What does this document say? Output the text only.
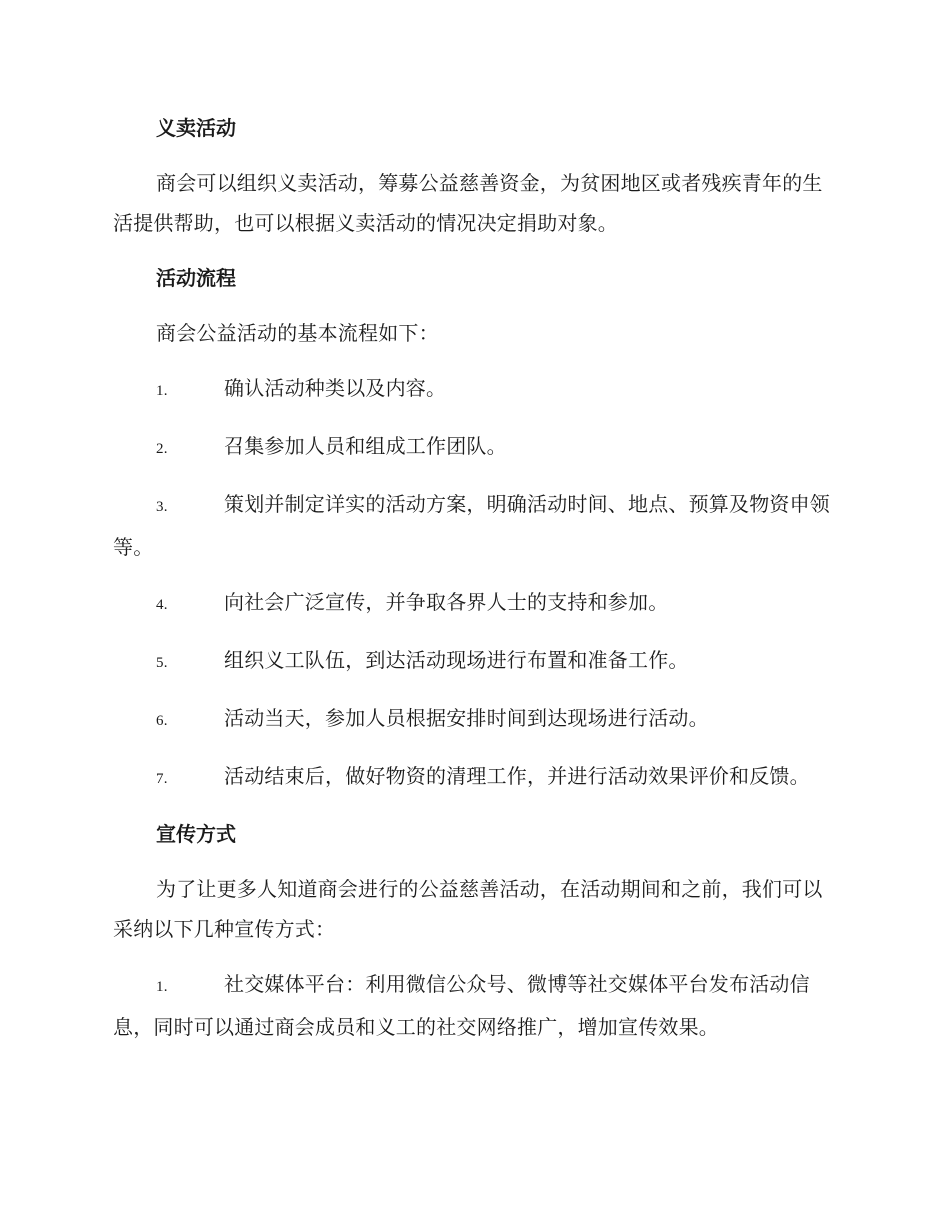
义卖活动
商会可以组织义卖活动，筹募公益慈善资金，为贫困地区或者残疾青年的生活提供帮助，也可以根据义卖活动的情况决定捐助对象。
活动流程
商会公益活动的基本流程如下：
1.	确认活动种类以及内容。
2.	召集参加人员和组成工作团队。
3.	策划并制定详实的活动方案，明确活动时间、地点、预算及物资申领等。
4.	向社会广泛宣传，并争取各界人士的支持和参加。
5.	组织义工队伍，到达活动现场进行布置和准备工作。
6.	活动当天，参加人员根据安排时间到达现场进行活动。
7.	活动结束后，做好物资的清理工作，并进行活动效果评价和反馈。
宣传方式
为了让更多人知道商会进行的公益慈善活动，在活动期间和之前，我们可以采纳以下几种宣传方式：
1.	社交媒体平台：利用微信公众号、微博等社交媒体平台发布活动信息，同时可以通过商会成员和义工的社交网络推广，增加宣传效果。
